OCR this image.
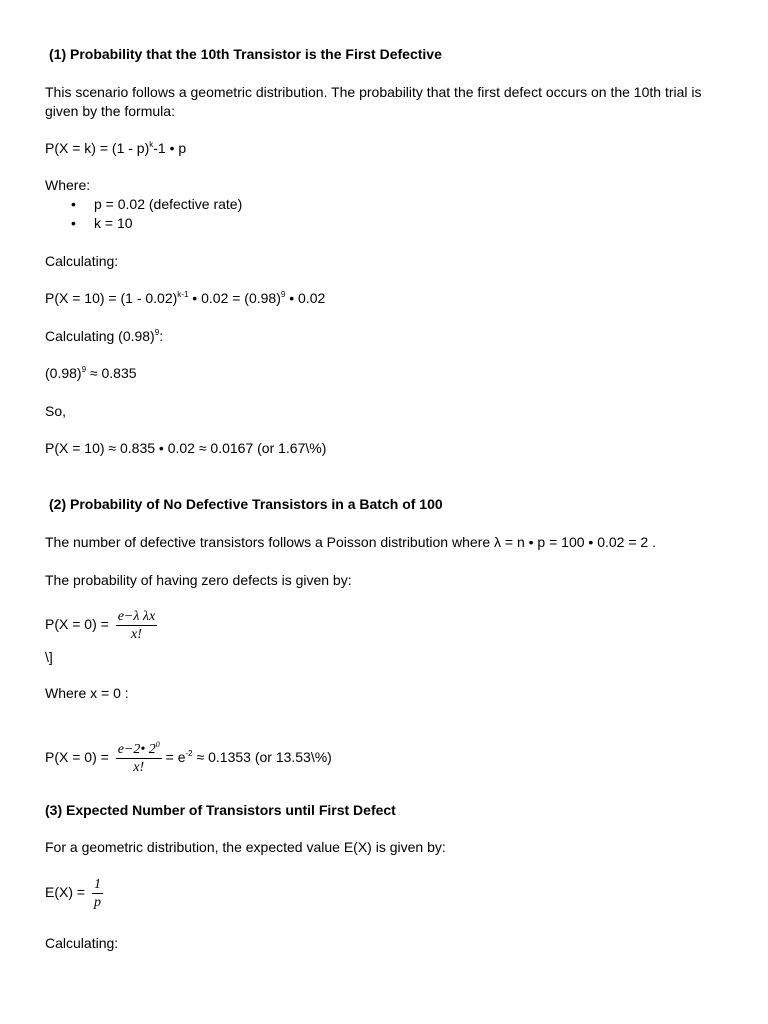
(1) Probability that the 10th Transistor is the First Defective
This scenario follows a geometric distribution. The probability that the first defect occurs on the 10th trial is given by the formula:
P(X = k) = (1 - p)$^k$-1 • p
Where:
• p = 0.02 (defective rate)
• k = 10
Calculating:
P(X = 10) = (1 - 0.02)$^{k-1}$ • $0.02 = (0.98)^9$ • 0.02
Calculating $(0.98)^9$:
$(0.98)^9 \approx 0.835$
So,
P(X = 10) ≈ 0.835 • 0.02 ≈ 0.0167 (or 1.67\%)
(2) Probability of No Defective Transistors in a Batch of 100
The number of defective transistors follows a Poisson distribution where λ = n • p = 100 • 0.02 = 2 .
The probability of having zero defects is given by:
$P(X = 0) = \frac{\text{e−λ λx}}{x!}$
\]
Where x = 0 :
$P(X = 0) = \frac{e-2• 2^0}{x!} = e^{-2} \approx 0.1353$ (or 13.53\%)
(3) Expected Number of Transistors until First Defect
For a geometric distribution, the expected value E(X) is given by:
$E(X) = \frac{1}{p}$
Calculating:
